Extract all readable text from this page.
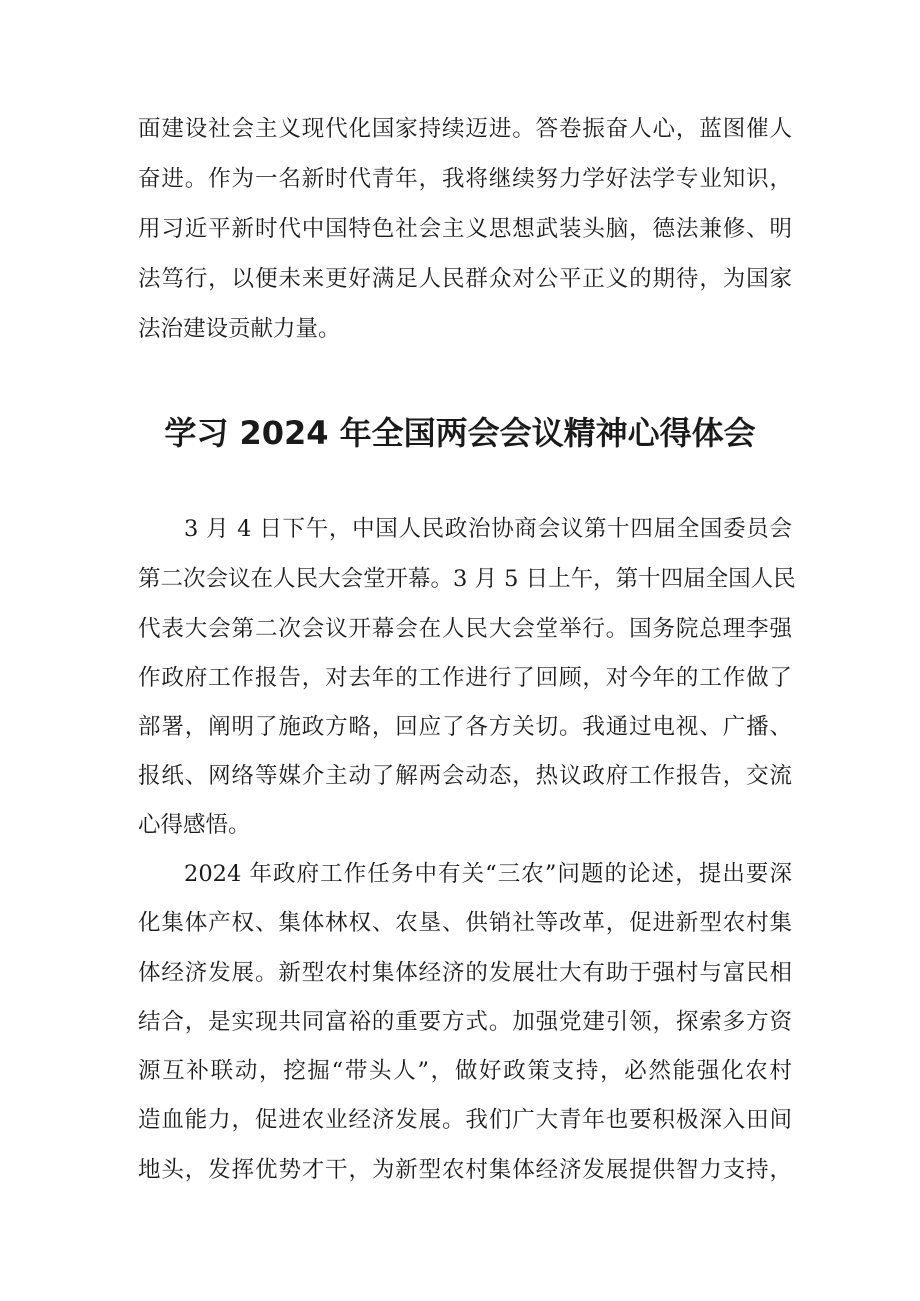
面建设社会主义现代化国家持续迈进。答卷振奋人心，蓝图催人
奋进。作为一名新时代青年，我将继续努力学好法学专业知识，
用习近平新时代中国特色社会主义思想武装头脑，德法兼修、明
法笃行，以便未来更好满足人民群众对公平正义的期待，为国家
法治建设贡献力量。
学习 2024 年全国两会会议精神心得体会
3 月 4 日下午，中国人民政治协商会议第十四届全国委员会
第二次会议在人民大会堂开幕。3 月 5 日上午，第十四届全国人民
代表大会第二次会议开幕会在人民大会堂举行。国务院总理李强
作政府工作报告，对去年的工作进行了回顾，对今年的工作做了
部署，阐明了施政方略，回应了各方关切。我通过电视、广播、
报纸、网络等媒介主动了解两会动态，热议政府工作报告，交流
心得感悟。
2024 年政府工作任务中有关“三农”问题的论述，提出要深
化集体产权、集体林权、农垦、供销社等改革，促进新型农村集
体经济发展。新型农村集体经济的发展壮大有助于强村与富民相
结合，是实现共同富裕的重要方式。加强党建引领，探索多方资
源互补联动，挖掘“带头人”，做好政策支持，必然能强化农村
造血能力，促进农业经济发展。我们广大青年也要积极深入田间
地头，发挥优势才干，为新型农村集体经济发展提供智力支持，
